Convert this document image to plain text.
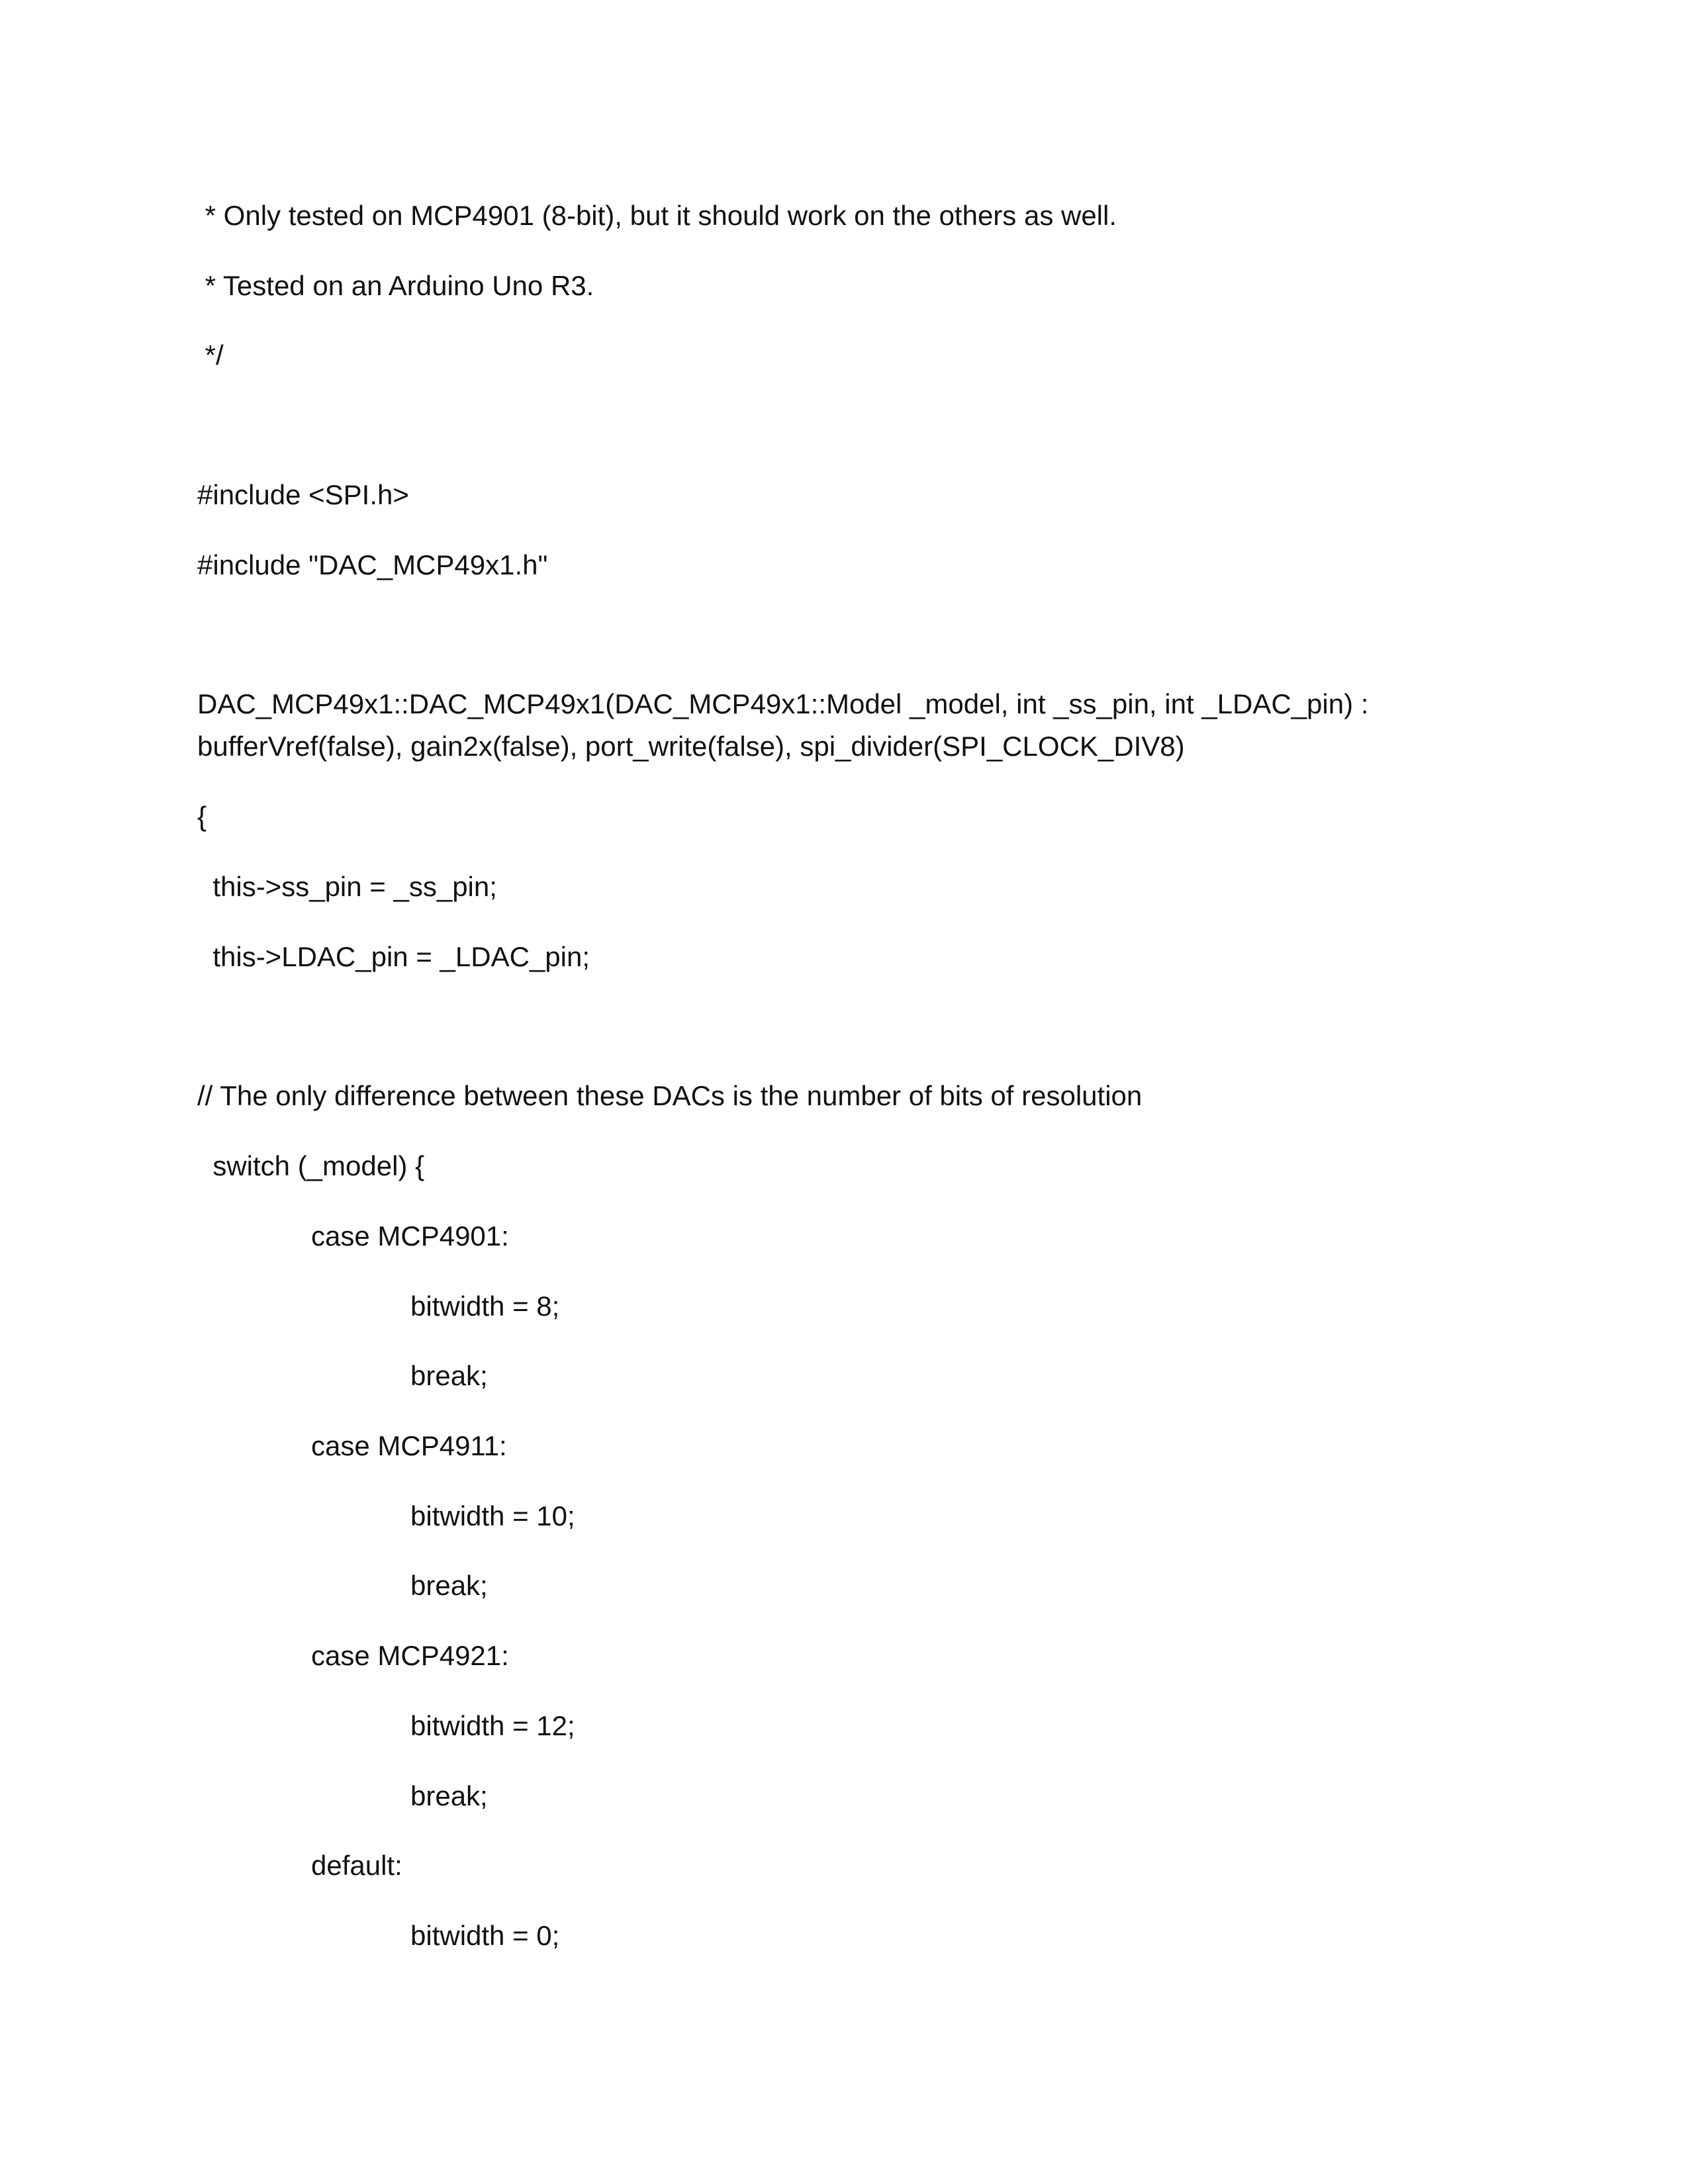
* Only tested on MCP4901 (8-bit), but it should work on the others as well.
* Tested on an Arduino Uno R3.
*/
#include <SPI.h>
#include "DAC_MCP49x1.h"
DAC_MCP49x1::DAC_MCP49x1(DAC_MCP49x1::Model _model, int _ss_pin, int _LDAC_pin) :
bufferVref(false), gain2x(false), port_write(false), spi_divider(SPI_CLOCK_DIV8)
{
this->ss_pin = _ss_pin;
this->LDAC_pin = _LDAC_pin;
// The only difference between these DACs is the number of bits of resolution
switch (_model) {
case MCP4901:
bitwidth = 8;
break;
case MCP4911:
bitwidth = 10;
break;
case MCP4921:
bitwidth = 12;
break;
default:
bitwidth = 0;
